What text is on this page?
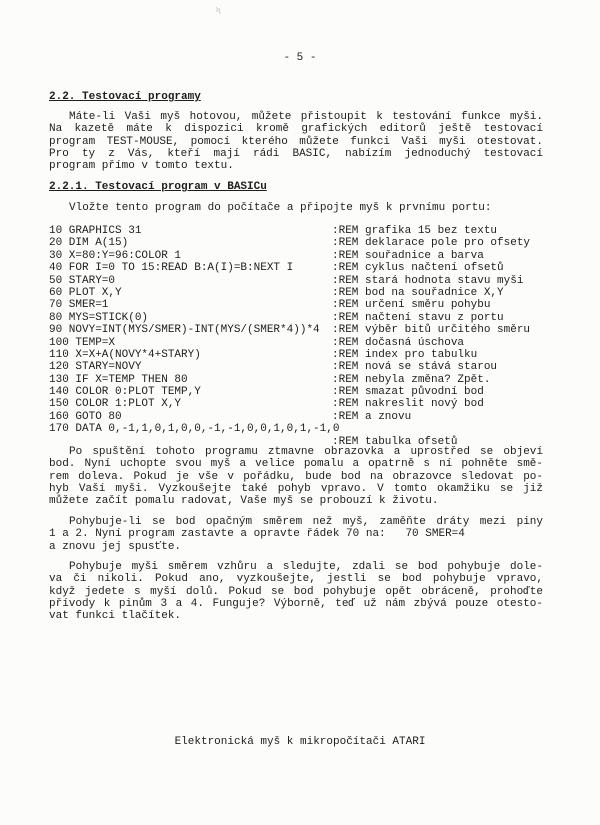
- 5 -
2.2. Testovací programy
Máte-li Vaši myš hotovou, můžete přistoupit k testování funkce myši.
Na kazetě máte k dispozici kromě grafických editorů ještě testovací
program TEST-MOUSE, pomocí kterého můžete funkci Vaši myši otestovat.
Pro ty z Vás, kteří mají rádi BASIC, nabízím jednoduchý testovací
program přímo v tomto textu.
2.2.1. Testovací program v BASICu
Vložte tento program do počítače a připojte myš k prvnímu portu:
10 GRAPHICS 31	:REM grafika 15 bez textu
20 DIM A(15)	:REM deklarace pole pro ofsety
30 X=80:Y=96:COLOR 1	:REM souřadnice a barva
40 FOR I=0 TO 15:READ B:A(I)=B:NEXT I	:REM cyklus načtení ofsetů
50 STARY=0	:REM stará hodnota stavu myši
60 PLOT X,Y	:REM bod na souřadnice X,Y
70 SMER=1	:REM určení směru pohybu
80 MYS=STICK(0)	:REM načtení stavu z portu
90 NOVY=INT(MYS/SMER)-INT(MYS/(SMER*4))*4	:REM výběr bitů určitého směru
100 TEMP=X	:REM dočasná úschova
110 X=X+A(NOVY*4+STARY)	:REM index pro tabulku
120 STARY=NOVY	:REM nová se stává starou
130 IF X=TEMP THEN 80	:REM nebyla změna? Zpět.
140 COLOR 0:PLOT TEMP,Y	:REM smazat původní bod
150 COLOR 1:PLOT X,Y	:REM nakreslit nový bod
160 GOTO 80	:REM a znovu
170 DATA 0,-1,1,0,1,0,0,-1,-1,0,0,1,0,1,-1,0
:REM tabulka ofsetů
Po spuštění tohoto programu ztmavne obrazovka a uprostřed se objeví
bod. Nyní uchopte svou myš a velice pomalu a opatrně s ní pohněte smě-
rem doleva. Pokud je vše v pořádku, bude bod na obrazovce sledovat po-
hyb Vaší myši. Vyzkoušejte také pohyb vpravo. V tomto okamžiku se již
můžete začít pomalu radovat, Vaše myš se probouzí k životu.
Pohybuje-li se bod opačným směrem než myš, zaměňte dráty mezi piny
1 a 2. Nyní program zastavte a opravte řádek 70 na:   70 SMER=4
a znovu jej spusťte.
Pohybuje myši směrem vzhůru a sledujte, zdali se bod pohybuje dole-
va či nikoli. Pokud ano, vyzkoušejte, jestli se bod pohybuje vpravo,
když jedete s myší dolů. Pokud se bod pohybuje opět obráceně, prohoďte
přívody k pinům 3 a 4. Funguje? Výborně, teď už nám zbývá pouze otesto-
vat funkci tlačítek.
Elektronická myš k mikropočítači ATARI
